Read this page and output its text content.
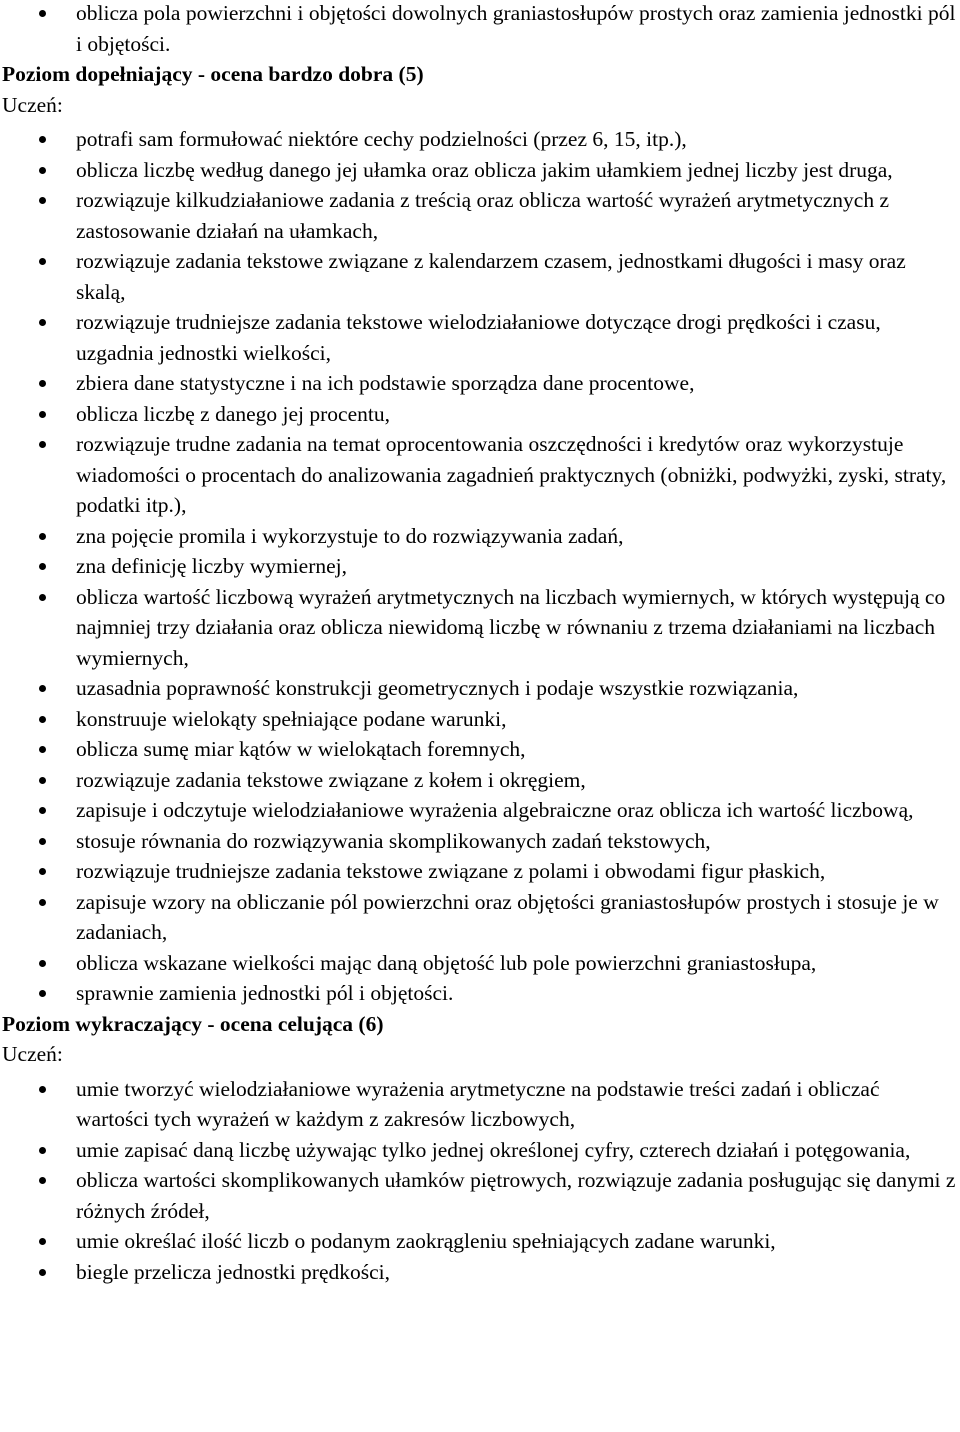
oblicza pola powierzchni i objętości dowolnych graniastosłupów prostych oraz zamienia jednostki pól i objętości.

Poziom dopełniający - ocena bardzo dobra (5)

Uczeń:

potrafi sam formułować niektóre cechy podzielności (przez 6, 15, itp.),
oblicza liczbę według danego jej ułamka oraz oblicza jakim ułamkiem jednej liczby jest druga,
rozwiązuje kilkudziałaniowe zadania z treścią oraz oblicza wartość wyrażeń arytmetycznych z zastosowanie działań na ułamkach,
rozwiązuje zadania tekstowe związane z kalendarzem czasem, jednostkami długości i masy oraz skalą,
rozwiązuje trudniejsze zadania tekstowe wielodziałaniowe dotyczące drogi prędkości i czasu, uzgadnia jednostki wielkości,
zbiera dane statystyczne i na ich podstawie sporządza dane procentowe,
oblicza liczbę z danego jej procentu,
rozwiązuje trudne zadania na temat oprocentowania oszczędności i kredytów oraz wykorzystuje wiadomości o procentach do analizowania zagadnień praktycznych (obniżki, podwyżki, zyski, straty, podatki itp.),
zna pojęcie promila i wykorzystuje to do rozwiązywania zadań,
zna definicję liczby wymiernej,
oblicza wartość liczbową wyrażeń arytmetycznych na liczbach wymiernych, w których występują co najmniej trzy działania oraz oblicza niewidomą liczbę w równaniu z trzema działaniami na liczbach wymiernych,
uzasadnia poprawność konstrukcji geometrycznych i podaje wszystkie rozwiązania,
konstruuje wielokąty spełniające podane warunki,
oblicza sumę miar kątów w wielokątach foremnych,
rozwiązuje zadania tekstowe związane z kołem i okręgiem,
zapisuje i odczytuje wielodziałaniowe wyrażenia algebraiczne oraz oblicza ich wartość liczbową,
stosuje równania do rozwiązywania skomplikowanych zadań tekstowych,
rozwiązuje trudniejsze zadania tekstowe związane z polami i obwodami figur płaskich,
zapisuje wzory na obliczanie pól powierzchni oraz objętości graniastosłupów prostych i stosuje je w zadaniach,
oblicza wskazane wielkości mając daną objętość lub pole powierzchni graniastosłupa,
sprawnie zamienia jednostki pól i objętości.

Poziom wykraczający - ocena celująca (6)

Uczeń:

umie tworzyć wielodziałaniowe wyrażenia arytmetyczne na podstawie treści zadań i obliczać wartości tych wyrażeń w każdym z zakresów liczbowych,
umie zapisać daną liczbę używając tylko jednej określonej cyfry, czterech działań i potęgowania,
oblicza wartości skomplikowanych ułamków piętrowych, rozwiązuje zadania posługując się danymi z różnych źródeł,
umie określać ilość liczb o podanym zaokrągleniu spełniających zadane warunki,
biegle przelicza jednostki prędkości,
